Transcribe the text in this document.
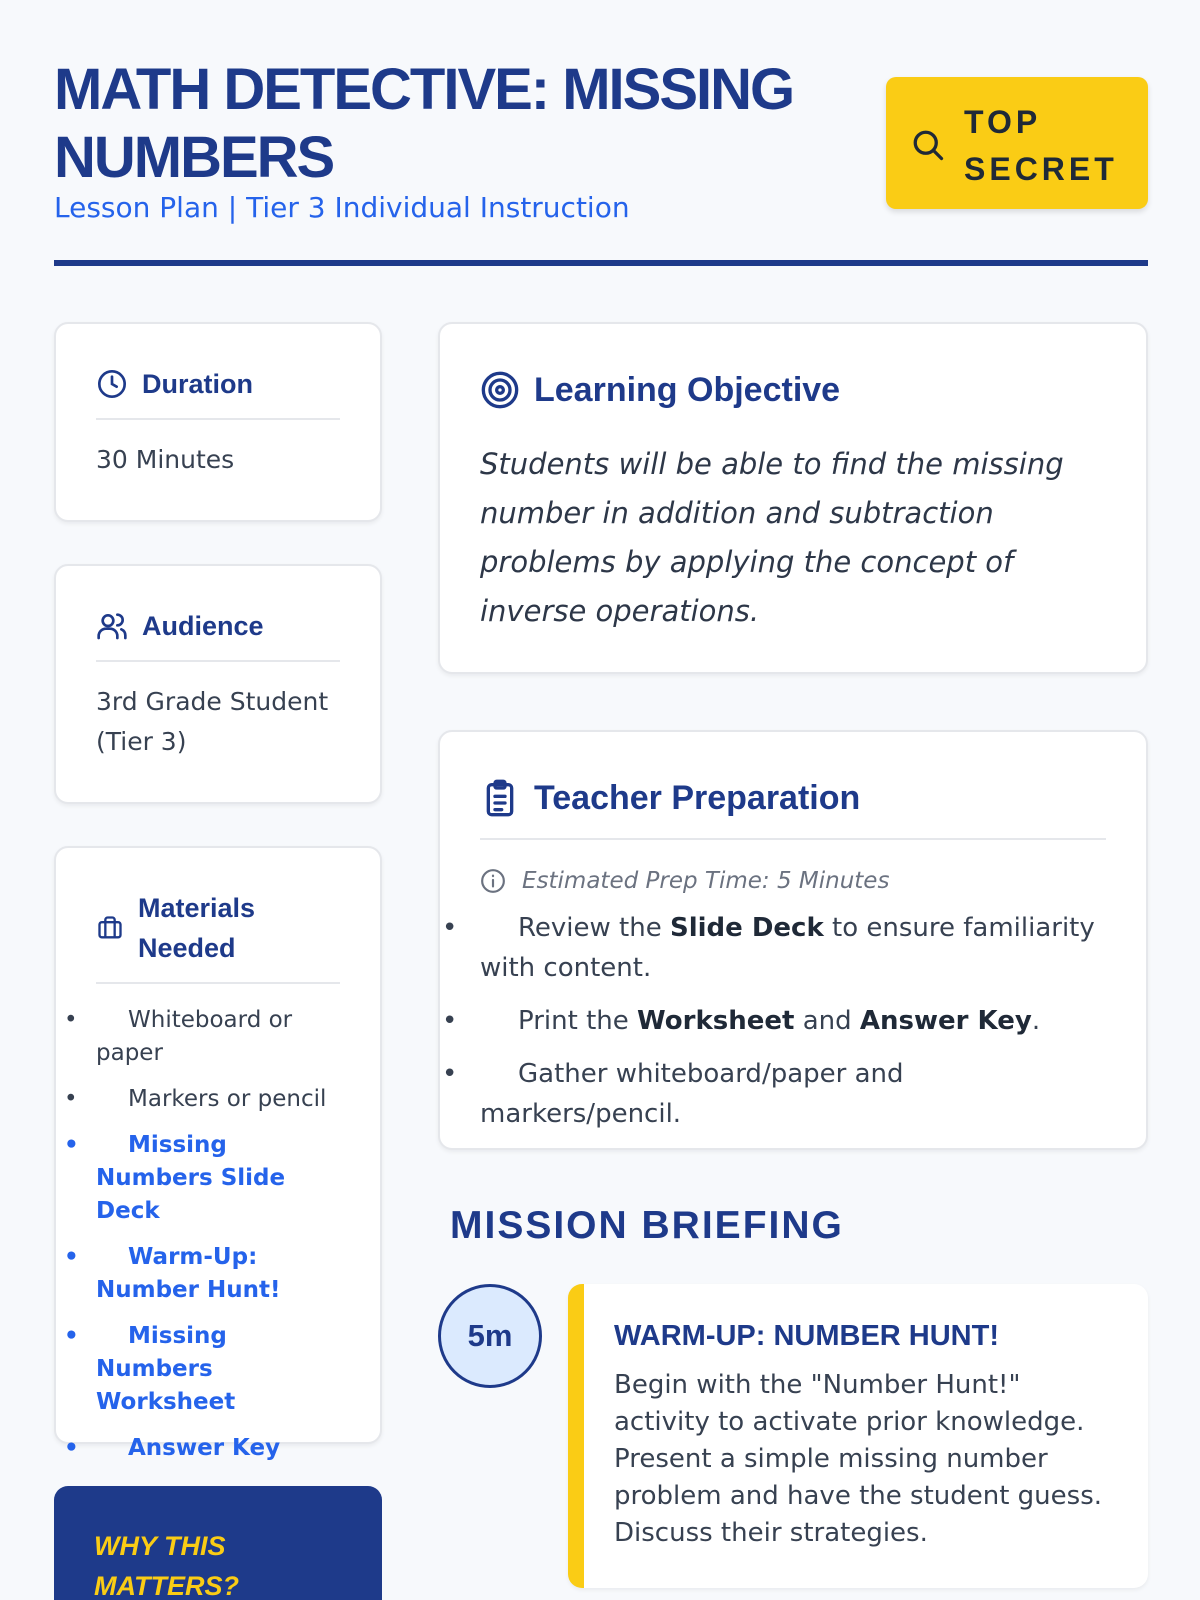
MATH DETECTIVE: MISSING NUMBERS
Lesson Plan | Tier 3 Individual Instruction
TOP SECRET
Duration
30 Minutes
Audience
3rd Grade Student (Tier 3)
Materials Needed
• Whiteboard or paper
• Markers or pencil
• Missing Numbers Slide Deck
• Warm-Up: Number Hunt!
• Missing Numbers Worksheet
• Answer Key
WHY THIS MATTERS?
Learning Objective

Students will be able to find the missing number in addition and subtraction problems by applying the concept of inverse operations.

Teacher Preparation
Estimated Prep Time: 5 Minutes
• Review the Slide Deck to ensure familiarity with content.
• Print the Worksheet and Answer Key.
• Gather whiteboard/paper and markers/pencil.
MISSION BRIEFING
5m	WARM-UP: NUMBER HUNT!

Begin with the "Number Hunt!" activity to activate prior knowledge. Present a simple missing number problem and have the student guess. Discuss their strategies.
